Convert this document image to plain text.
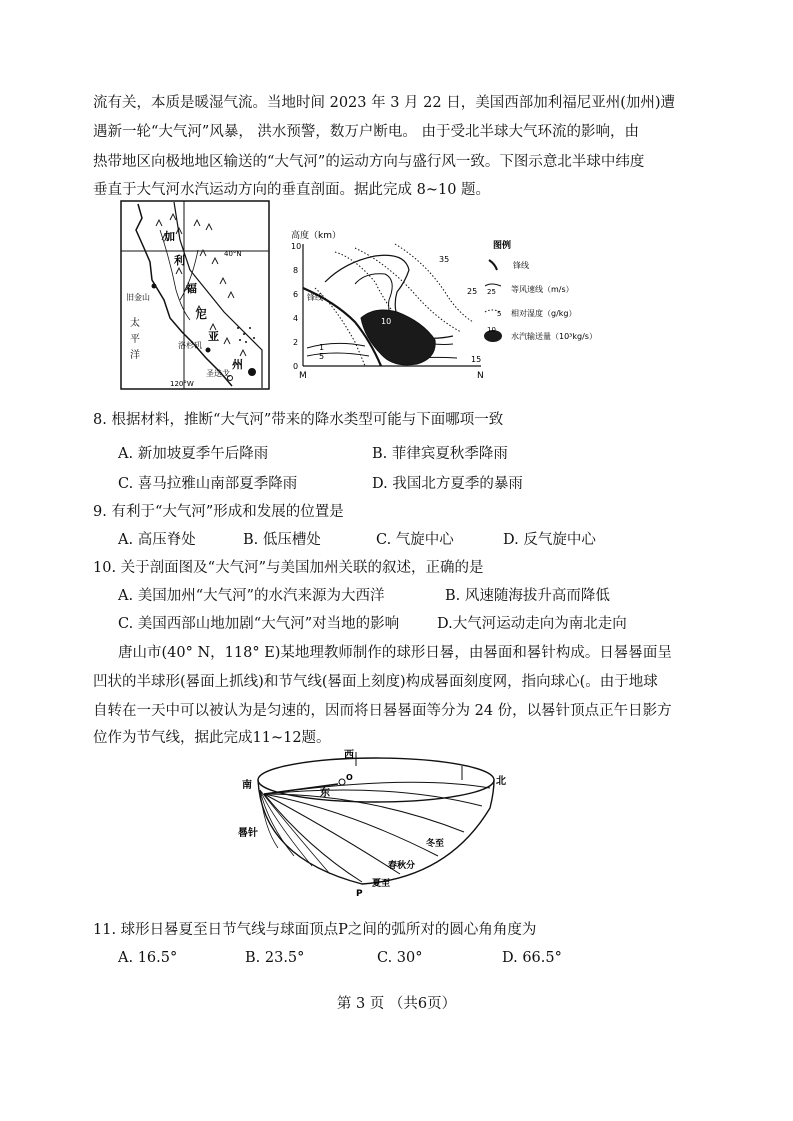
流有关，本质是暖湿气流。当地时间 2023 年 3 月 22 日，美国西部加利福尼亚州(加州)遭
遇新一轮“大气河”风暴， 洪水预警，数万户断电。 由于受北半球大气环流的影响，由
热带地区向极地地区输送的“大气河”的运动方向与盛行风一致。下图示意北半球中纬度
垂直于大气河水汽运动方向的垂直剖面。据此完成 8~10 题。
40°N
120°W
旧金山
洛杉矶
圣迭戈
太
平
洋
加
利
福
尼
亚
州
高度（km）
10
8
6
4
2
0
M	N
锋线
10
35
25
15
1
5
图例
锋线
25 等风速线（m/s）
5 相对湿度（g/kg）
10
水汽输送量（10³kg/s）
8. 根据材料，推断“大气河”带来的降水类型可能与下面哪项一致
A. 新加坡夏季午后降雨	B. 菲律宾夏秋季降雨
C. 喜马拉雅山南部夏季降雨	D. 我国北方夏季的暴雨
9. 有利于“大气河”形成和发展的位置是
A. 高压脊处	B. 低压槽处	C. 气旋中心	D. 反气旋中心
10. 关于剖面图及“大气河”与美国加州关联的叙述，正确的是
A. 美国加州“大气河”的水汽来源为大西洋	B. 风速随海拔升高而降低
C. 美国西部山地加剧“大气河”对当地的影响	D.大气河运动走向为南北走向
唐山市(40° N，118° E)某地理教师制作的球形日晷，由晷面和晷针构成。日晷晷面呈
凹状的半球形(晷面上抓线)和节气线(晷面上刻度)构成晷面刻度网，指向球心(。由于地球
自转在一天中可以被认为是匀速的，因而将日晷晷面等分为 24 份，以晷针顶点正午日影方
位作为节气线，据此完成11~12题。
西
东
南	北
O
晷针
冬至
春秋分
夏至
P
11. 球形日晷夏至日节气线与球面顶点P之间的弧所对的圆心角角度为
A. 16.5°	B. 23.5°	C. 30°	D. 66.5°
第 3 页 （共6页）
